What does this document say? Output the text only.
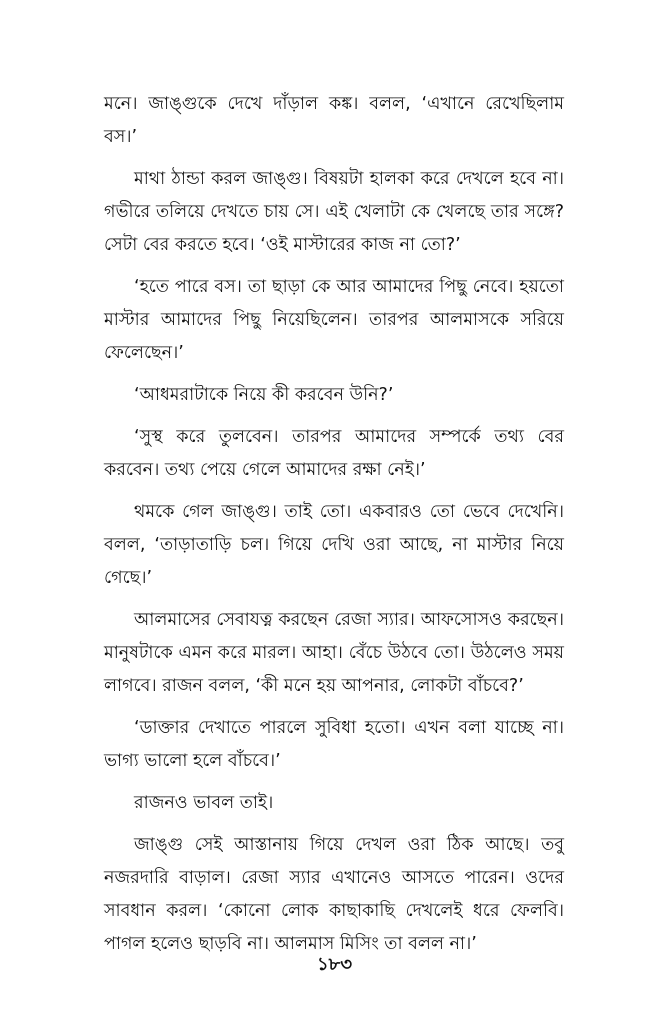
মনে। জাঙ্গুকে দেখে দাঁড়াল কঙ্ক। বলল, ‘এখানে রেখেছিলাম বস।’

মাথা ঠান্ডা করল জাঙ্গু। বিষয়টা হালকা করে দেখলে হবে না। গভীরে তলিয়ে দেখতে চায় সে। এই খেলাটা কে খেলছে তার সঙ্গে? সেটা বের করতে হবে। ‘ওই মাস্টারের কাজ না তো?’

‘হতে পারে বস। তা ছাড়া কে আর আমাদের পিছু নেবে। হয়তো মাস্টার আমাদের পিছু নিয়েছিলেন। তারপর আলমাসকে সরিয়ে ফেলেছেন।’

‘আধমরাটাকে নিয়ে কী করবেন উনি?’

‘সুস্থ করে তুলবেন। তারপর আমাদের সম্পর্কে তথ্য বের করবেন। তথ্য পেয়ে গেলে আমাদের রক্ষা নেই।’

থমকে গেল জাঙ্গু। তাই তো। একবারও তো ভেবে দেখেনি। বলল, ‘তাড়াতাড়ি চল। গিয়ে দেখি ওরা আছে, না মাস্টার নিয়ে গেছে।’

আলমাসের সেবাযত্ন করছেন রেজা স্যার। আফসোসও করছেন। মানুষটাকে এমন করে মারল। আহা। বেঁচে উঠবে তো। উঠলেও সময় লাগবে। রাজন বলল, ‘কী মনে হয় আপনার, লোকটা বাঁচবে?’

‘ডাক্তার দেখাতে পারলে সুবিধা হতো। এখন বলা যাচ্ছে না। ভাগ্য ভালো হলে বাঁচবে।’

রাজনও ভাবল তাই।

জাঙ্গু সেই আস্তানায় গিয়ে দেখল ওরা ঠিক আছে। তবু নজরদারি বাড়াল। রেজা স্যার এখানেও আসতে পারেন। ওদের সাবধান করল। ‘কোনো লোক কাছাকাছি দেখলেই ধরে ফেলবি। পাগল হলেও ছাড়বি না। আলমাস মিসিং তা বলল না।’

১৮৩
